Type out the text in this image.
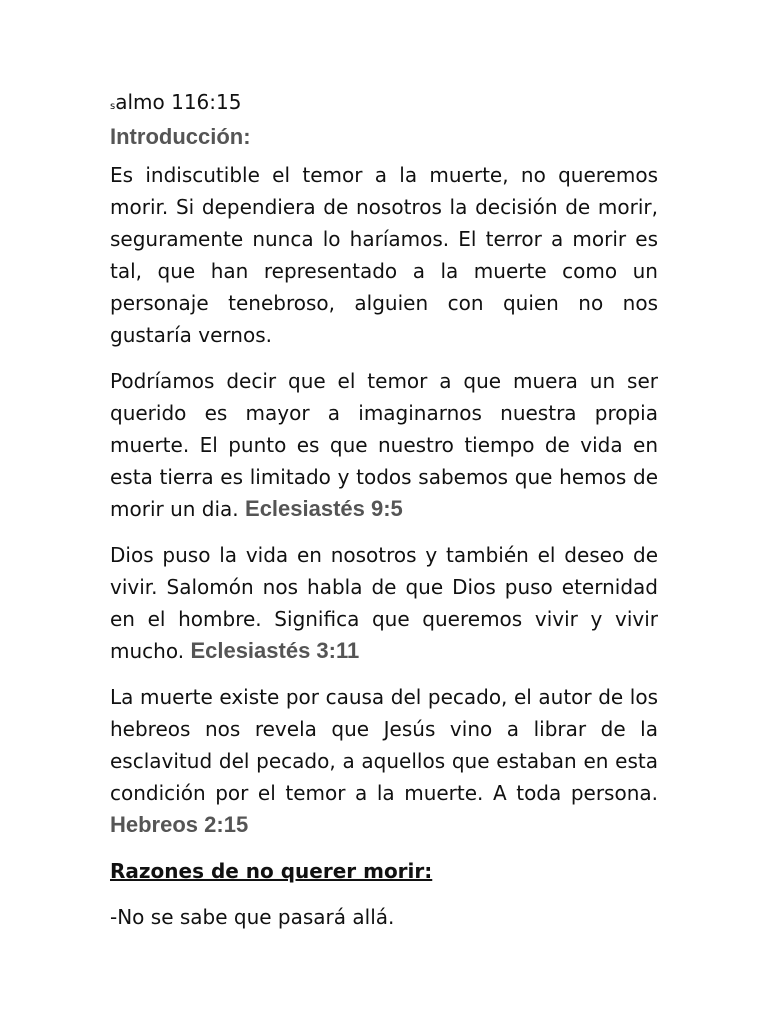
salmo 116:15

Introducción:

Es indiscutible el temor a la muerte, no queremos morir. Si dependiera de nosotros la decisión de morir, seguramente nunca lo haríamos. El terror a morir es tal, que han representado a la muerte como un personaje tenebroso, alguien con quien no nos gustaría vernos.

Podríamos decir que el temor a que muera un ser querido es mayor a imaginarnos nuestra propia muerte. El punto es que nuestro tiempo de vida en esta tierra es limitado y todos sabemos que hemos de morir un dia. Eclesiastés 9:5

Dios puso la vida en nosotros y también el deseo de vivir. Salomón nos habla de que Dios puso eternidad en el hombre. Significa que queremos vivir y vivir mucho. Eclesiastés 3:11

La muerte existe por causa del pecado, el autor de los hebreos nos revela que Jesús vino a librar de la esclavitud del pecado, a aquellos que estaban en esta condición por el temor a la muerte. A toda persona. Hebreos 2:15

Razones de no querer morir:

-No se sabe que pasará allá.
